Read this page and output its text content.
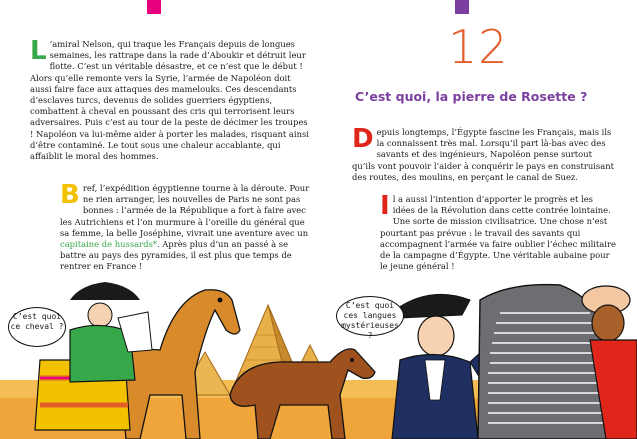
12
C’est quoi, la pierre de Rosette ?
L ’amiral Nelson, qui traque les Français depuis de longues semaines, les rattrape dans la rade d’Aboukir et détruit leur flotte. C’est un véritable désastre, et ce n’est que le début ! Alors qu’elle remonte vers la Syrie, l’armée de Napoléon doit aussi faire face aux attaques des mamelouks. Ces descendants d’esclaves turcs, devenus de solides guerriers égyptiens, combattent à cheval en poussant des cris qui terrorisent leurs adversaires. Puis c’est au tour de la peste de décimer les troupes ! Napoléon va lui-même aider à porter les malades, risquant ainsi d’être contaminé. Le tout sous une chaleur accablante, qui affaiblit le moral des hommes.
Bref, l’expédition égyptienne tourne à la déroute. Pour ne rien arranger, les nouvelles de Paris ne sont pas bonnes : l’armée de la République a fort à faire avec les Autrichiens et l’on murmure à l’oreille du général que sa femme, la belle Joséphine, vivrait une aventure avec un capitaine de hussards*. Après plus d’un an passé à se battre au pays des pyramides, il est plus que temps de rentrer en France !
Depuis longtemps, l’Égypte fascine les Français, mais ils la connaissent très mal. Lorsqu’il part là-bas avec des savants et des ingénieurs, Napoléon pense surtout qu’ils vont pouvoir l’aider à conquérir le pays en construisant des routes, des moulins, en perçant le canal de Suez.
Il a aussi l’intention d’apporter le progrès et les idées de la Révolution dans cette contrée lointaine. Une sorte de mission civilisatrice. Une chose n’est pourtant pas prévue : le travail des savants qui accompagnent l’armée va faire oublier l’échec militaire de la campagne d’Égypte. Une véritable aubaine pour le jeune général !
C’est quoi ce cheval ?
C’est quoi ces langues mystérieuses ?
